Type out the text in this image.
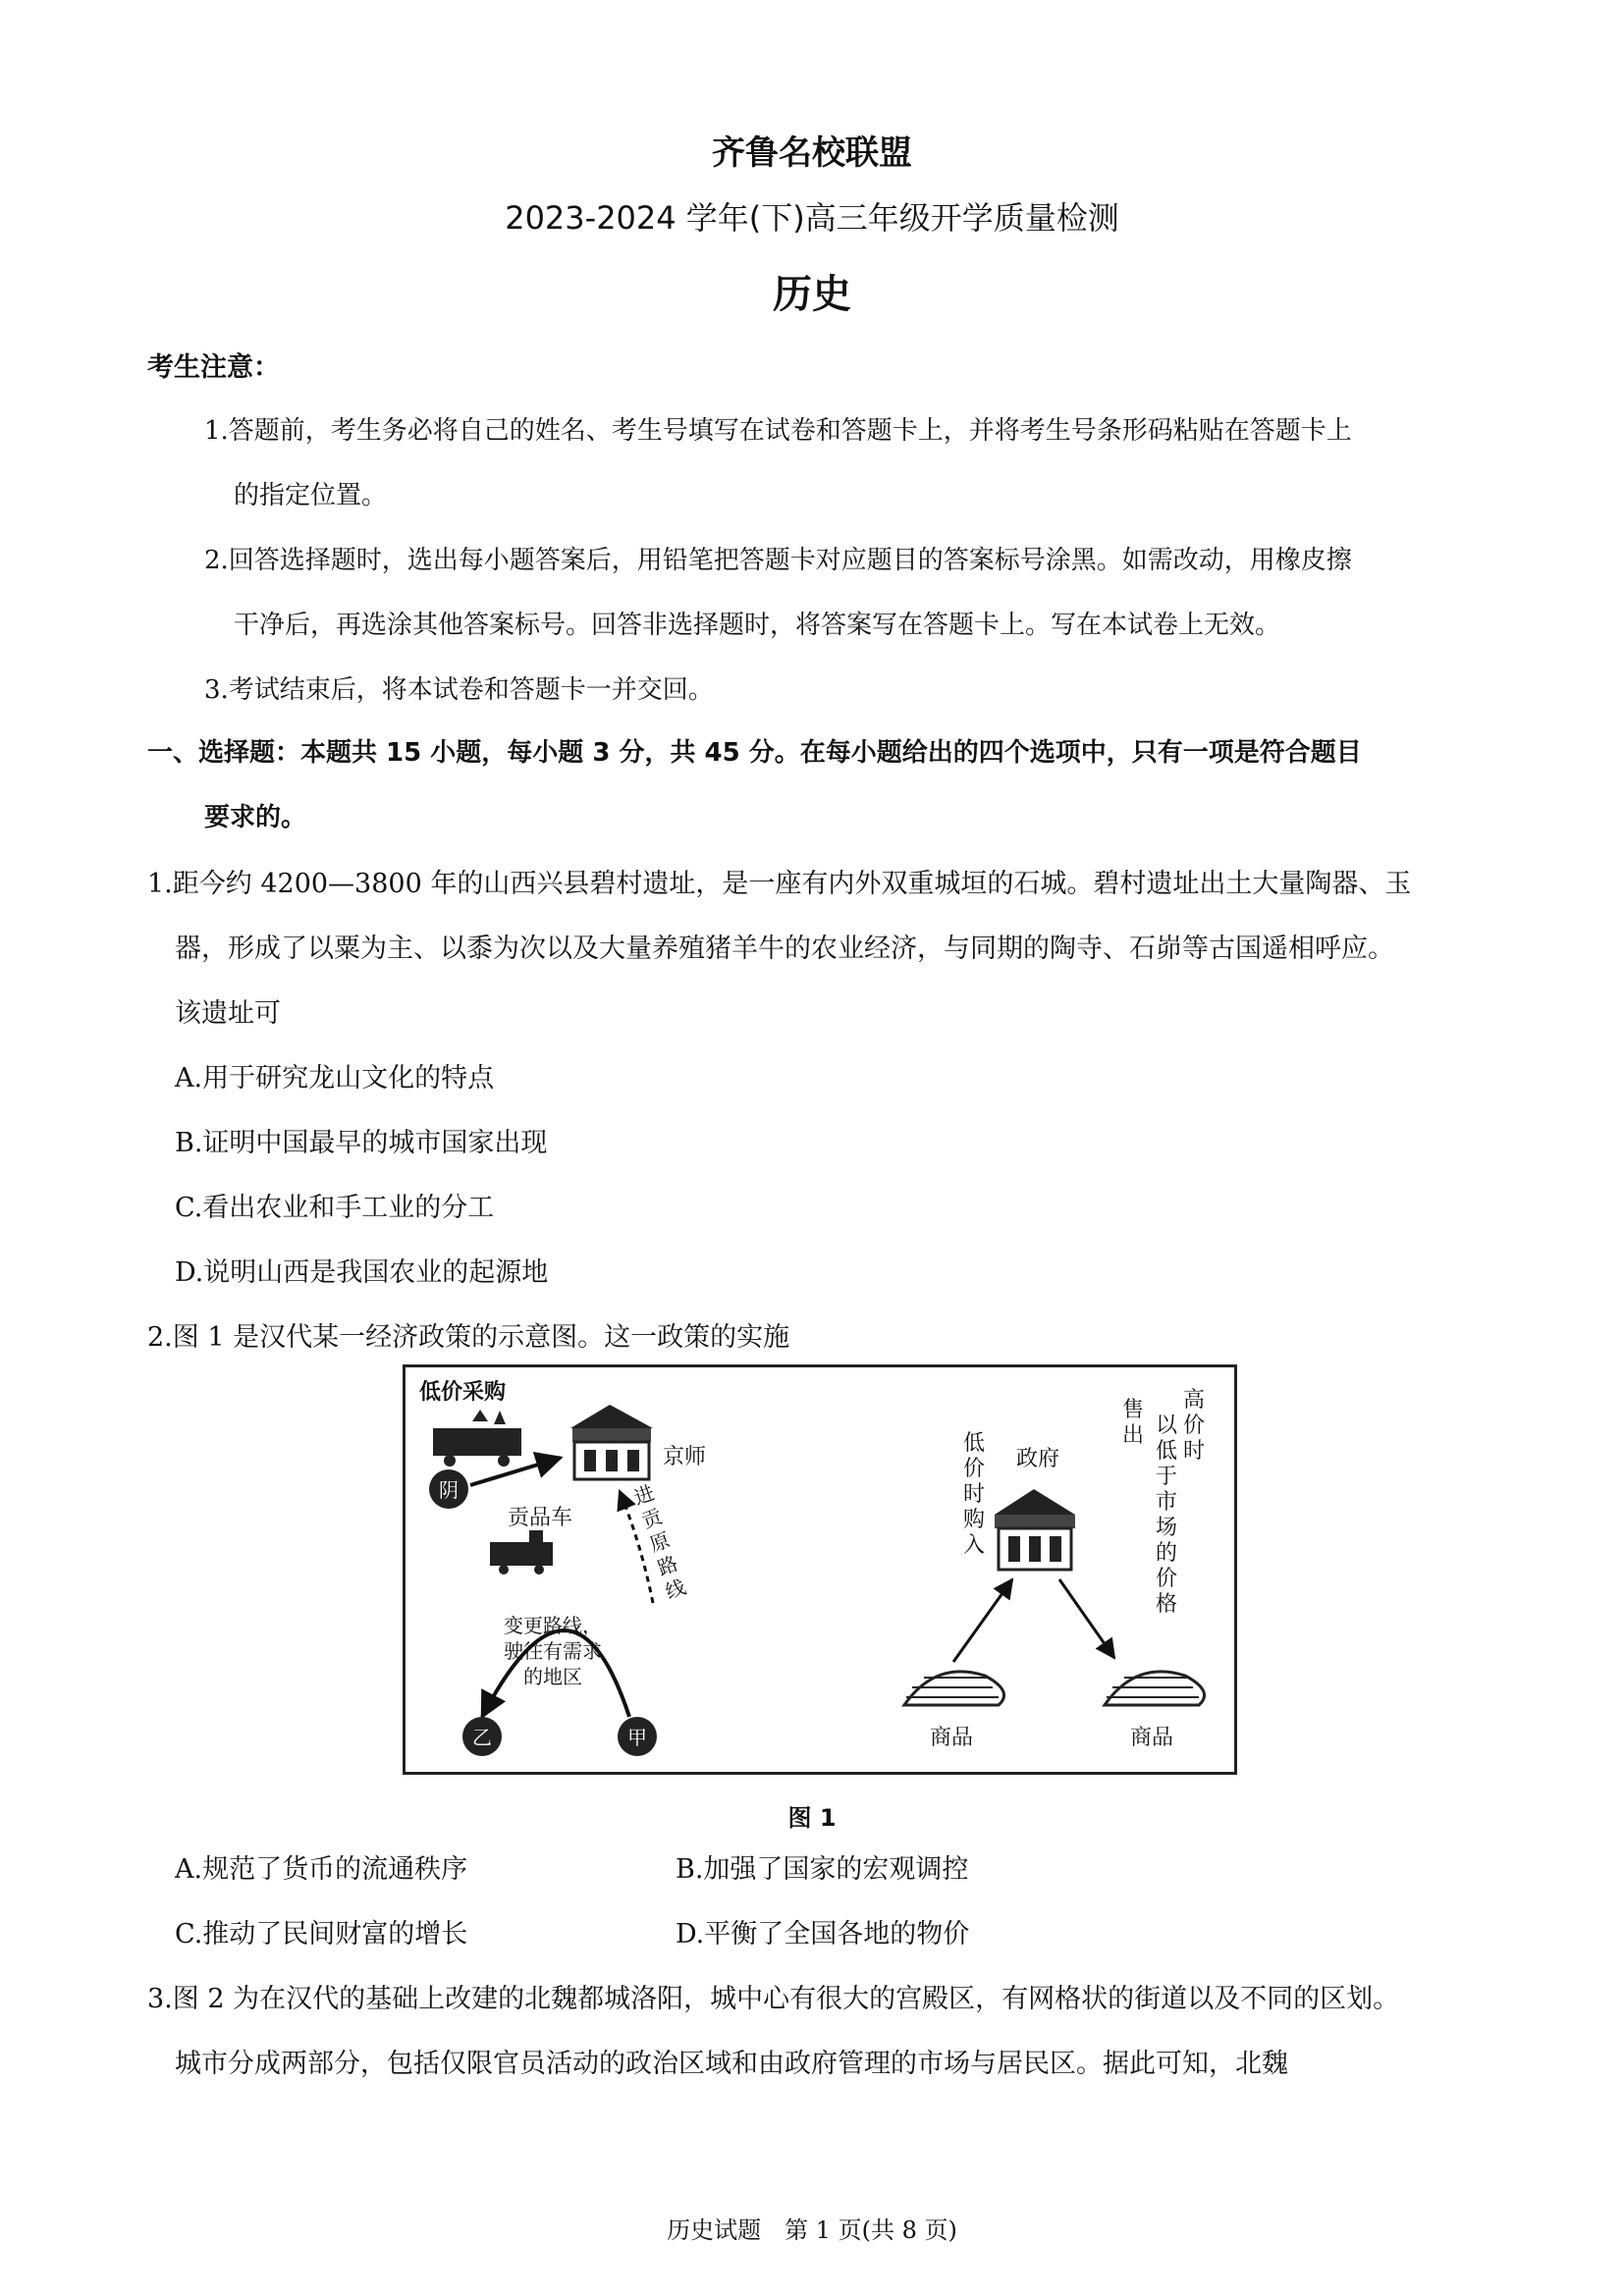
齐鲁名校联盟
2023-2024 学年(下)高三年级开学质量检测
历史
考生注意：
1.答题前，考生务必将自己的姓名、考生号填写在试卷和答题卡上，并将考生号条形码粘贴在答题卡上
的指定位置。
2.回答选择题时，选出每小题答案后，用铅笔把答题卡对应题目的答案标号涂黑。如需改动，用橡皮擦
干净后，再选涂其他答案标号。回答非选择题时，将答案写在答题卡上。写在本试卷上无效。
3.考试结束后，将本试卷和答题卡一并交回。
一、选择题：本题共 15 小题，每小题 3 分，共 45 分。在每小题给出的四个选项中，只有一项是符合题目
要求的。
1.距今约 4200—3800 年的山西兴县碧村遗址，是一座有内外双重城垣的石城。碧村遗址出土大量陶器、玉
器，形成了以粟为主、以黍为次以及大量养殖猪羊牛的农业经济，与同期的陶寺、石峁等古国遥相呼应。
该遗址可
A.用于研究龙山文化的特点
B.证明中国最早的城市国家出现
C.看出农业和手工业的分工
D.说明山西是我国农业的起源地
2.图 1 是汉代某一经济政策的示意图。这一政策的实施
低价采购
阴
京师
进
贡
原
路
线
贡品车
变更路线，
驶往有需求
的地区
乙	甲
政府
低
价
时
购
入
售
出
高
价
时
以
低
于
市
场
的
价
格
商品	商品
图 1
A.规范了货币的流通秩序	B.加强了国家的宏观调控
C.推动了民间财富的增长	D.平衡了全国各地的物价
3.图 2 为在汉代的基础上改建的北魏都城洛阳，城中心有很大的宫殿区，有网格状的街道以及不同的区划。
城市分成两部分，包括仅限官员活动的政治区域和由政府管理的市场与居民区。据此可知，北魏
历史试题　第 1 页(共 8 页)
